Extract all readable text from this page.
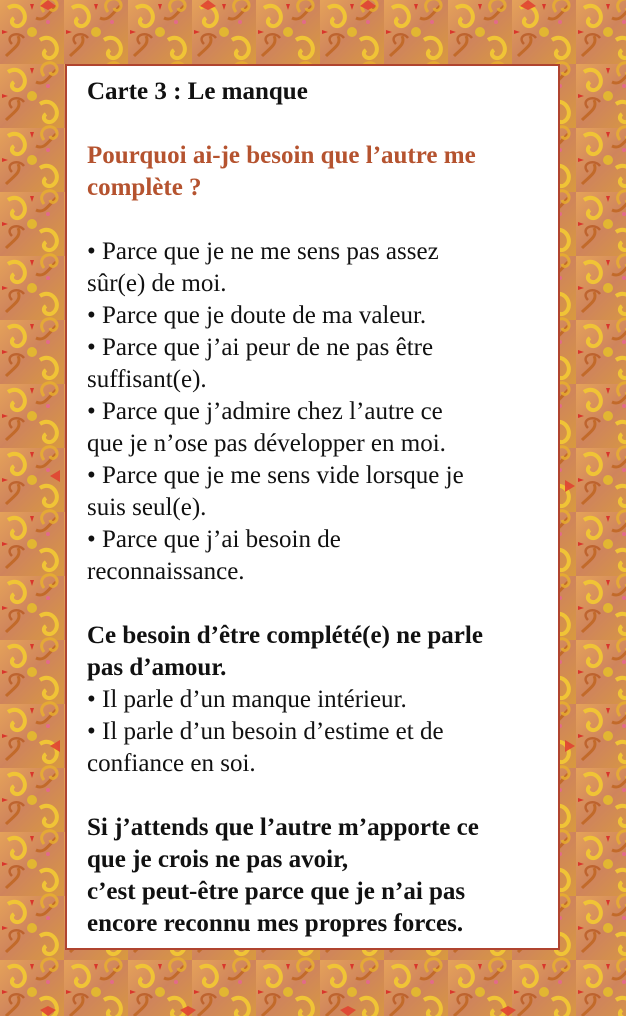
Carte 3 : Le manque

Pourquoi ai-je besoin que l’autre me

complète ?

• Parce que je ne me sens pas assez

sûr(e) de moi.

• Parce que je doute de ma valeur.

• Parce que j’ai peur de ne pas être

suffisant(e).

• Parce que j’admire chez l’autre ce

que je n’ose pas développer en moi.

• Parce que je me sens vide lorsque je

suis seul(e).

• Parce que j’ai besoin de

reconnaissance.

Ce besoin d’être complété(e) ne parle

pas d’amour.

• Il parle d’un manque intérieur.

• Il parle d’un besoin d’estime et de

confiance en soi.

Si j’attends que l’autre m’apporte ce

que je crois ne pas avoir,

c’est peut-être parce que je n’ai pas

encore reconnu mes propres forces.
